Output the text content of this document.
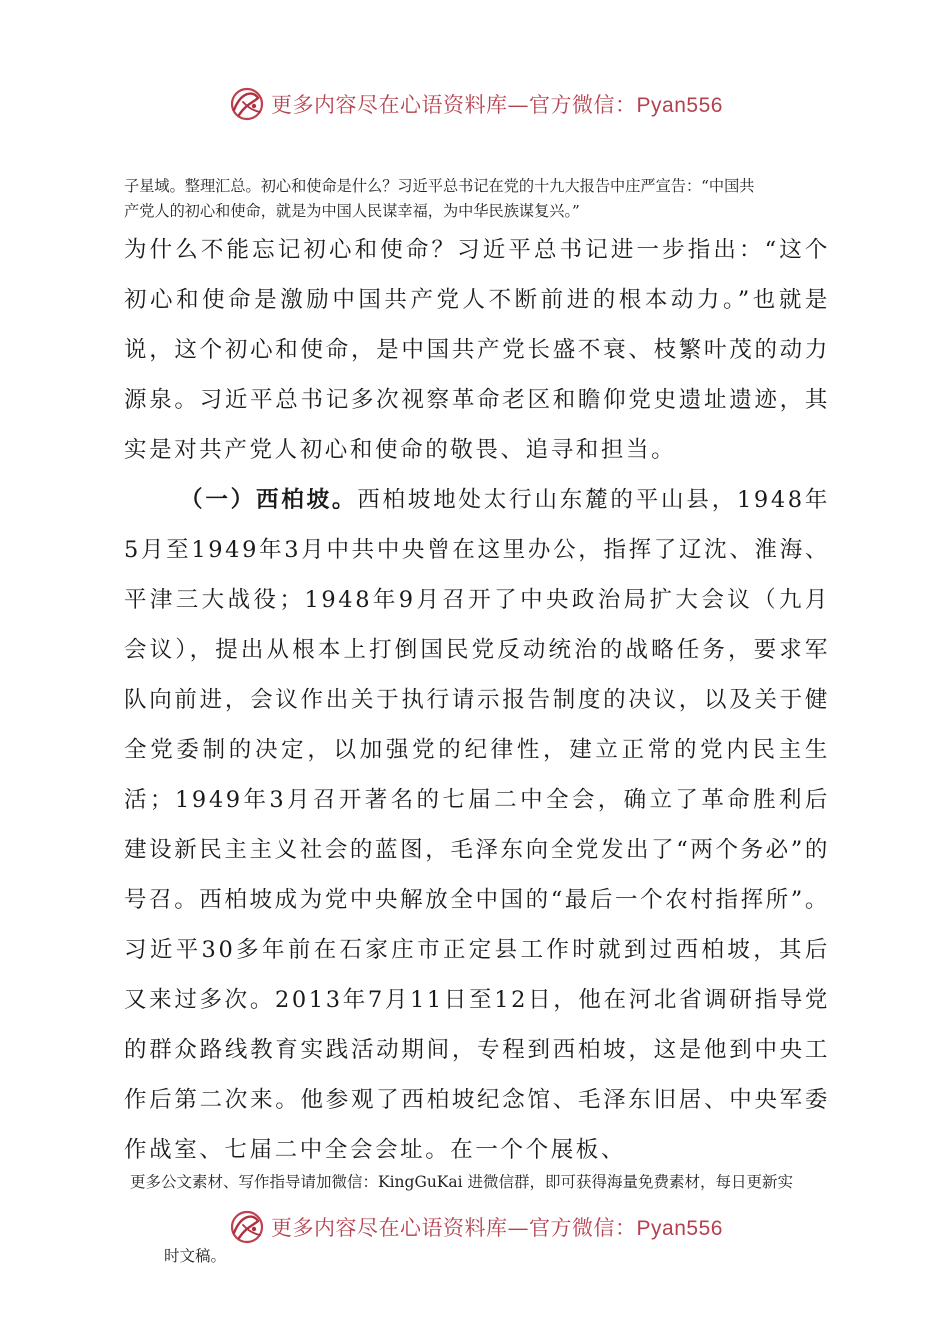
更多内容尽在心语资料库—官方微信：Pyan556

子星域。整理汇总。初心和使命是什么？习近平总书记在党的十九大报告中庄严宣告：“中国共

产党人的初心和使命，就是为中国人民谋幸福，为中华民族谋复兴。”

为什么不能忘记初心和使命？习近平总书记进一步指出：“这个初心和使命是激励中国共产党人不断前进的根本动力。”也就是说，这个初心和使命，是中国共产党长盛不衰、枝繁叶茂的动力源泉。习近平总书记多次视察革命老区和瞻仰党史遗址遗迹，其实是对共产党人初心和使命的敬畏、追寻和担当。

（一）西柏坡。西柏坡地处太行山东麓的平山县，1948年5月至1949年3月中共中央曾在这里办公，指挥了辽沈、淮海、平津三大战役；1948年9月召开了中央政治局扩大会议（九月会议），提出从根本上打倒国民党反动统治的战略任务，要求军队向前进，会议作出关于执行请示报告制度的决议，以及关于健全党委制的决定，以加强党的纪律性，建立正常的党内民主生活；1949年3月召开著名的七届二中全会，确立了革命胜利后建设新民主主义社会的蓝图，毛泽东向全党发出了“两个务必”的号召。西柏坡成为党中央解放全中国的“最后一个农村指挥所”。习近平30多年前在石家庄市正定县工作时就到过西柏坡，其后又来过多次。2013年7月11日至12日，他在河北省调研指导党的群众路线教育实践活动期间，专程到西柏坡，这是他到中央工作后第二次来。他参观了西柏坡纪念馆、毛泽东旧居、中央军委作战室、七届二中全会会址。在一个个展板、

更多公文素材、写作指导请加微信：KingGuKai 进微信群，即可获得海量免费素材，每日更新实
更多内容尽在心语资料库—官方微信：Pyan556
时文稿。
